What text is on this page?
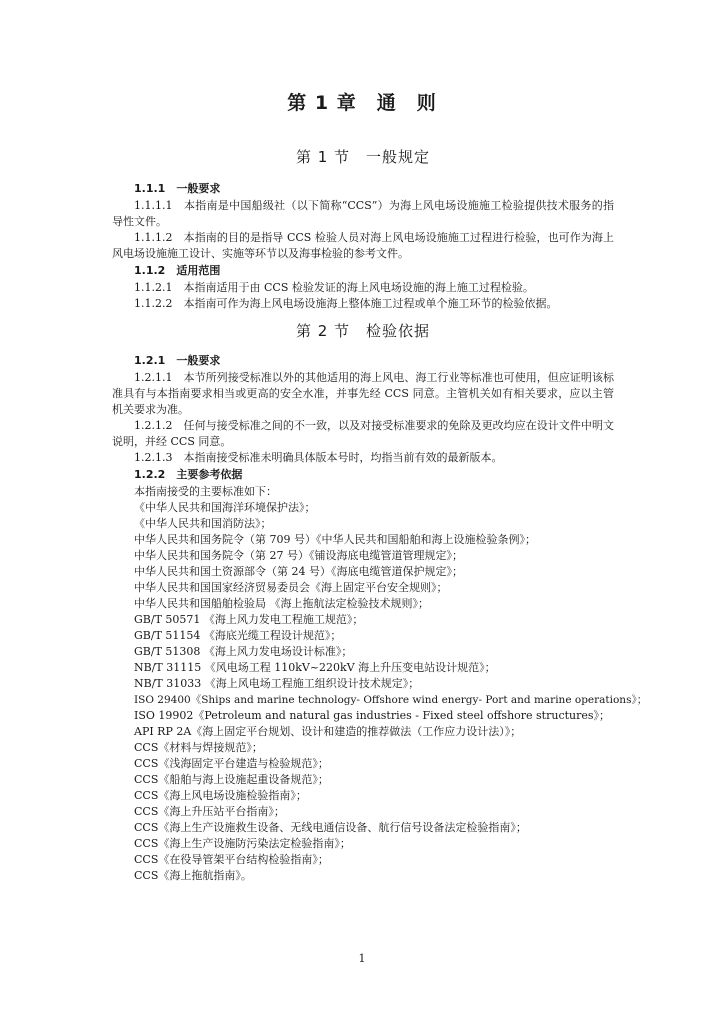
第 1 章　通　则
第 1 节　一般规定

1.1.1　一般要求

1.1.1.1　本指南是中国船级社（以下简称“CCS”）为海上风电场设施施工检验提供技术服务的指导性文件。

1.1.1.2　本指南的目的是指导 CCS 检验人员对海上风电场设施施工过程进行检验，也可作为海上风电场设施施工设计、实施等环节以及海事检验的参考文件。

1.1.2　适用范围

1.1.2.1　本指南适用于由 CCS 检验发证的海上风电场设施的海上施工过程检验。

1.1.2.2　本指南可作为海上风电场设施海上整体施工过程或单个施工环节的检验依据。

第 2 节　检验依据

1.2.1　一般要求

1.2.1.1　本节所列接受标准以外的其他适用的海上风电、海工行业等标准也可使用，但应证明该标准具有与本指南要求相当或更高的安全水准，并事先经 CCS 同意。主管机关如有相关要求，应以主管机关要求为准。

1.2.1.2　任何与接受标准之间的不一致，以及对接受标准要求的免除及更改均应在设计文件中明文说明，并经 CCS 同意。

1.2.1.3　本指南接受标准未明确具体版本号时，均指当前有效的最新版本。

1.2.2　主要参考依据

本指南接受的主要标准如下：

《中华人民共和国海洋环境保护法》；
《中华人民共和国消防法》；
中华人民共和国务院令（第 709 号）《中华人民共和国船舶和海上设施检验条例》；
中华人民共和国务院令（第 27 号）《铺设海底电缆管道管理规定》；
中华人民共和国土资源部令（第 24 号）《海底电缆管道保护规定》；
中华人民共和国国家经济贸易委员会《海上固定平台安全规则》；
中华人民共和国船舶检验局 《海上拖航法定检验技术规则》；
GB/T 50571 《海上风力发电工程施工规范》；
GB/T 51154 《海底光缆工程设计规范》；
GB/T 51308 《海上风力发电场设计标准》；
NB/T 31115 《风电场工程 110kV~220kV 海上升压变电站设计规范》；
NB/T 31033 《海上风电场工程施工组织设计技术规定》；
ISO 29400《Ships and marine technology- Offshore wind energy- Port and marine operations》；
ISO 19902《Petroleum and natural gas industries - Fixed steel offshore structures》；
API RP 2A《海上固定平台规划、设计和建造的推荐做法（工作应力设计法）》；
CCS《材料与焊接规范》；
CCS《浅海固定平台建造与检验规范》；
CCS《船舶与海上设施起重设备规范》；
CCS《海上风电场设施检验指南》；
CCS《海上升压站平台指南》；
CCS《海上生产设施救生设备、无线电通信设备、航行信号设备法定检验指南》；
CCS《海上生产设施防污染法定检验指南》；
CCS《在役导管架平台结构检验指南》；
CCS《海上拖航指南》。
1
